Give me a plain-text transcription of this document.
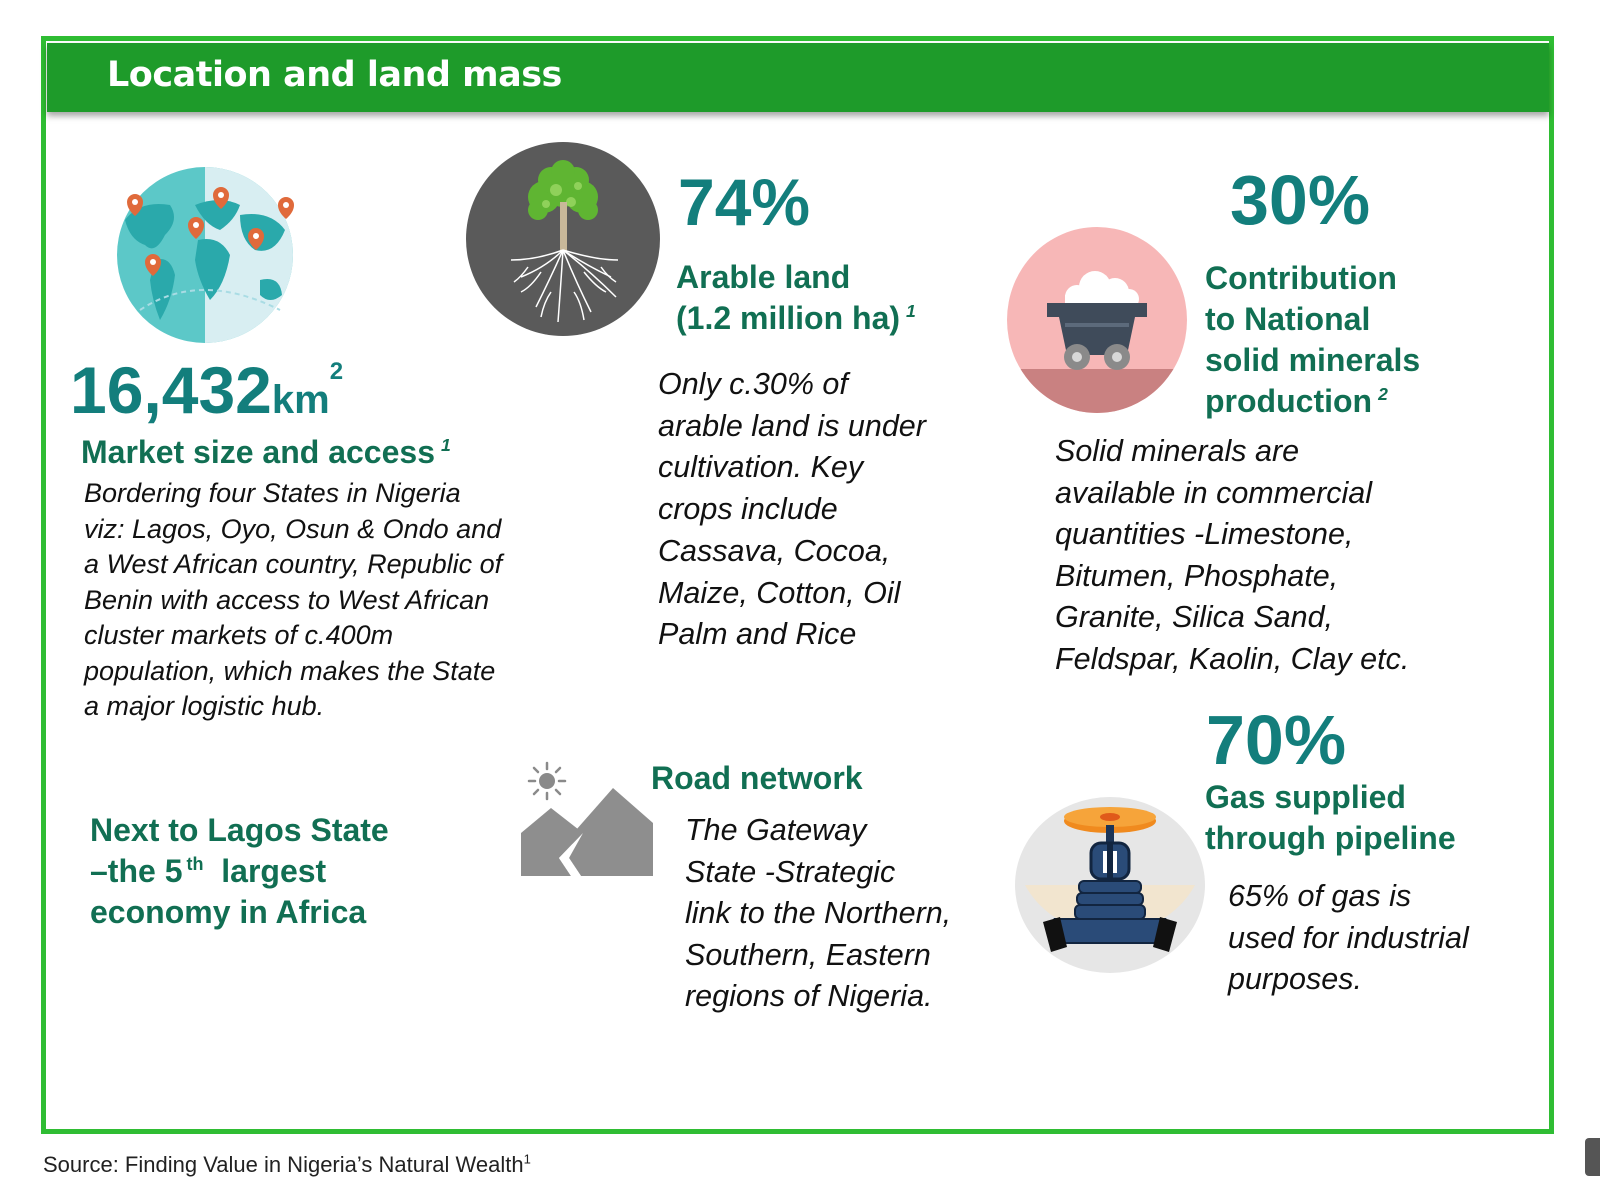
Location and land mass
$16,432km^2$
Market size and access $^1$
Bordering four States in Nigeria
viz: Lagos, Oyo, Osun & Ondo and
a West African country, Republic of
Benin with access to West African
cluster markets of c.400m
population, which makes the State
a major logistic hub.
Next to Lagos State
–the 5 $^{th}$ largest
economy in Africa
74%
Arable land
(1.2 million ha) $^1$
Only c.30% of
arable land is under
cultivation. Key
crops include
Cassava, Cocoa,
Maize, Cotton, Oil
Palm and Rice
30%
Contribution
to National
solid minerals
production $^2$
Solid minerals are
available in commercial
quantities -Limestone,
Bitumen, Phosphate,
Granite, Silica Sand,
Feldspar, Kaolin, Clay etc.
Road network
The Gateway
State -Strategic
link to the Northern,
Southern, Eastern
regions of Nigeria.
70%
Gas supplied
through pipeline
65% of gas is
used for industrial
purposes.
Source: Finding Value in Nigeria’s Natural Wealth$^1$
